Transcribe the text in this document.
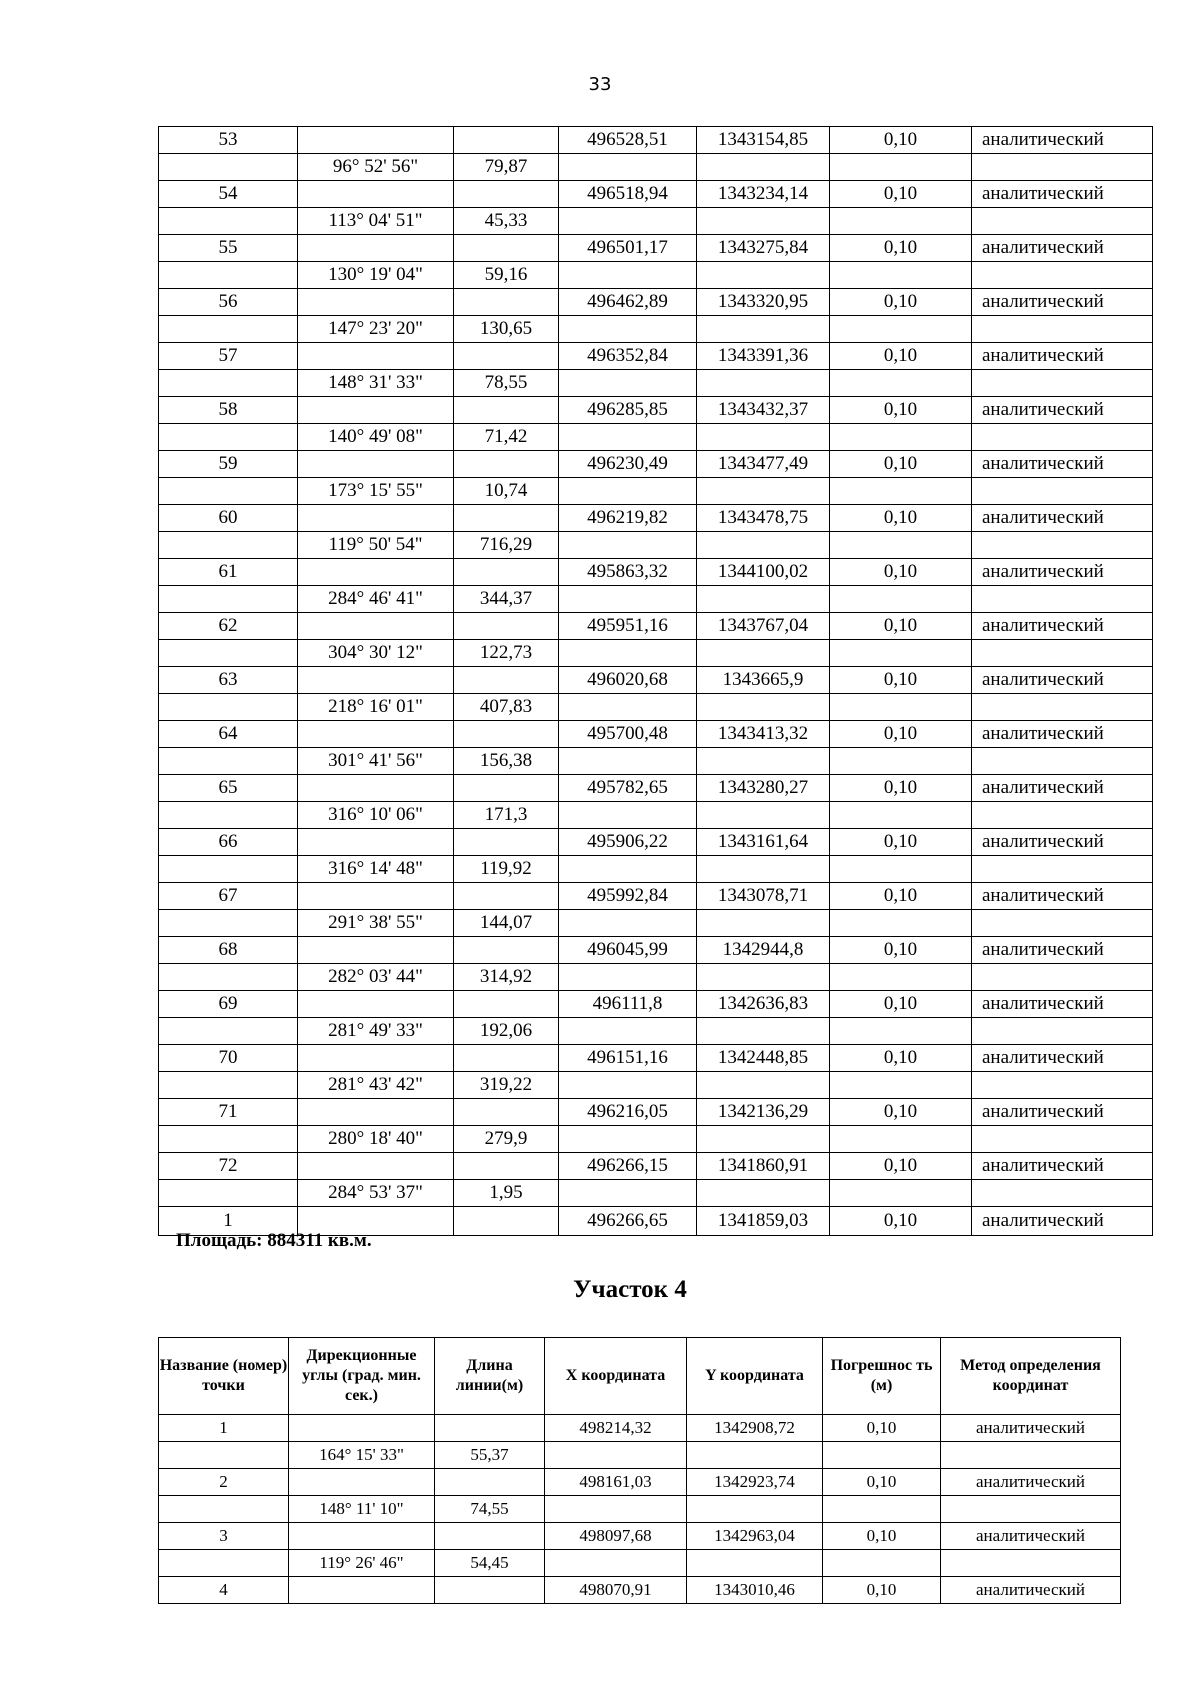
33
53			496528,51	1343154,85	0,10	аналитический
	96° 52' 56"	79,87				
54			496518,94	1343234,14	0,10	аналитический
	113° 04' 51"	45,33				
55			496501,17	1343275,84	0,10	аналитический
	130° 19' 04"	59,16				
56			496462,89	1343320,95	0,10	аналитический
	147° 23' 20"	130,65				
57			496352,84	1343391,36	0,10	аналитический
	148° 31' 33"	78,55				
58			496285,85	1343432,37	0,10	аналитический
	140° 49' 08"	71,42				
59			496230,49	1343477,49	0,10	аналитический
	173° 15' 55"	10,74				
60			496219,82	1343478,75	0,10	аналитический
	119° 50' 54"	716,29				
61			495863,32	1344100,02	0,10	аналитический
	284° 46' 41"	344,37				
62			495951,16	1343767,04	0,10	аналитический
	304° 30' 12"	122,73				
63			496020,68	1343665,9	0,10	аналитический
	218° 16' 01"	407,83				
64			495700,48	1343413,32	0,10	аналитический
	301° 41' 56"	156,38				
65			495782,65	1343280,27	0,10	аналитический
	316° 10' 06"	171,3				
66			495906,22	1343161,64	0,10	аналитический
	316° 14' 48"	119,92				
67			495992,84	1343078,71	0,10	аналитический
	291° 38' 55"	144,07				
68			496045,99	1342944,8	0,10	аналитический
	282° 03' 44"	314,92				
69			496111,8	1342636,83	0,10	аналитический
	281° 49' 33"	192,06				
70			496151,16	1342448,85	0,10	аналитический
	281° 43' 42"	319,22				
71			496216,05	1342136,29	0,10	аналитический
	280° 18' 40"	279,9				
72			496266,15	1341860,91	0,10	аналитический
	284° 53' 37"	1,95				
1			496266,65	1341859,03	0,10	аналитический
Площадь: 884311 кв.м.
Участок 4
Название (номер) точки	Дирекционные углы (град. мин. сек.)	Длина линии(м)	X координата	Y координата	Погрешнос ть (м)	Метод определения координат
1			498214,32	1342908,72	0,10	аналитический
	164° 15' 33"	55,37				
2			498161,03	1342923,74	0,10	аналитический
	148° 11' 10"	74,55				
3			498097,68	1342963,04	0,10	аналитический
	119° 26' 46"	54,45				
4			498070,91	1343010,46	0,10	аналитический
